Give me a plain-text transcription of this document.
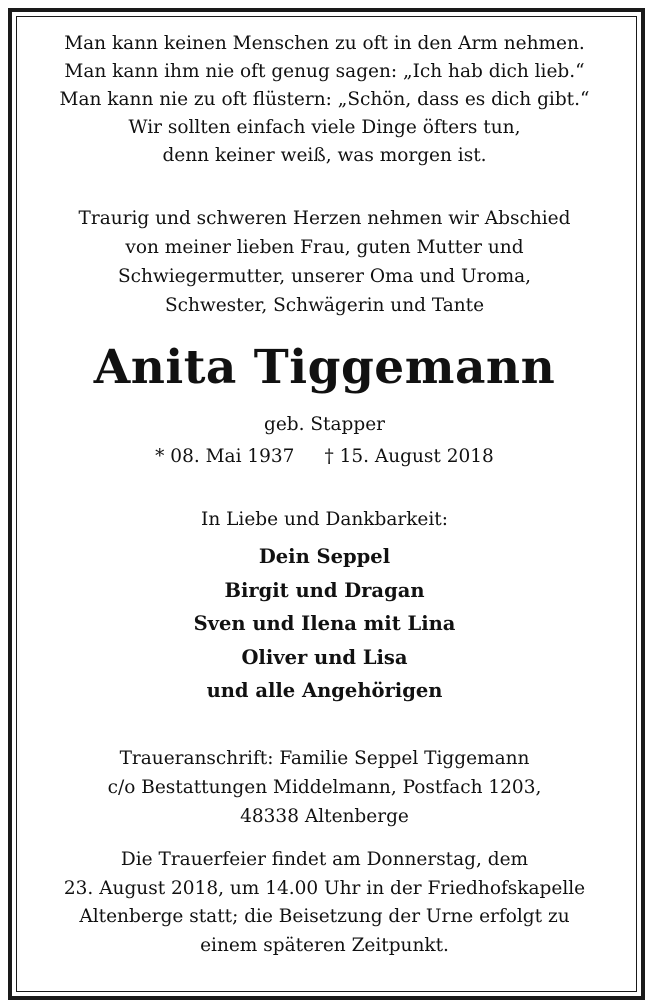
Man kann keinen Menschen zu oft in den Arm nehmen.
Man kann ihm nie oft genug sagen: „Ich hab dich lieb.“
Man kann nie zu oft flüstern: „Schön, dass es dich gibt.“
Wir sollten einfach viele Dinge öfters tun,
denn keiner weiß, was morgen ist.
Traurig und schweren Herzen nehmen wir Abschied
von meiner lieben Frau, guten Mutter und
Schwiegermutter, unserer Oma und Uroma,
Schwester, Schwägerin und Tante
Anita Tiggemann
geb. Stapper
* 08. Mai 1937 † 15. August 2018
In Liebe und Dankbarkeit:
Dein Seppel
Birgit und Dragan
Sven und Ilena mit Lina
Oliver und Lisa
und alle Angehörigen
Traueranschrift: Familie Seppel Tiggemann
c/o Bestattungen Middelmann, Postfach 1203,
48338 Altenberge
Die Trauerfeier findet am Donnerstag, dem
23. August 2018, um 14.00 Uhr in der Friedhofskapelle
Altenberge statt; die Beisetzung der Urne erfolgt zu
einem späteren Zeitpunkt.
